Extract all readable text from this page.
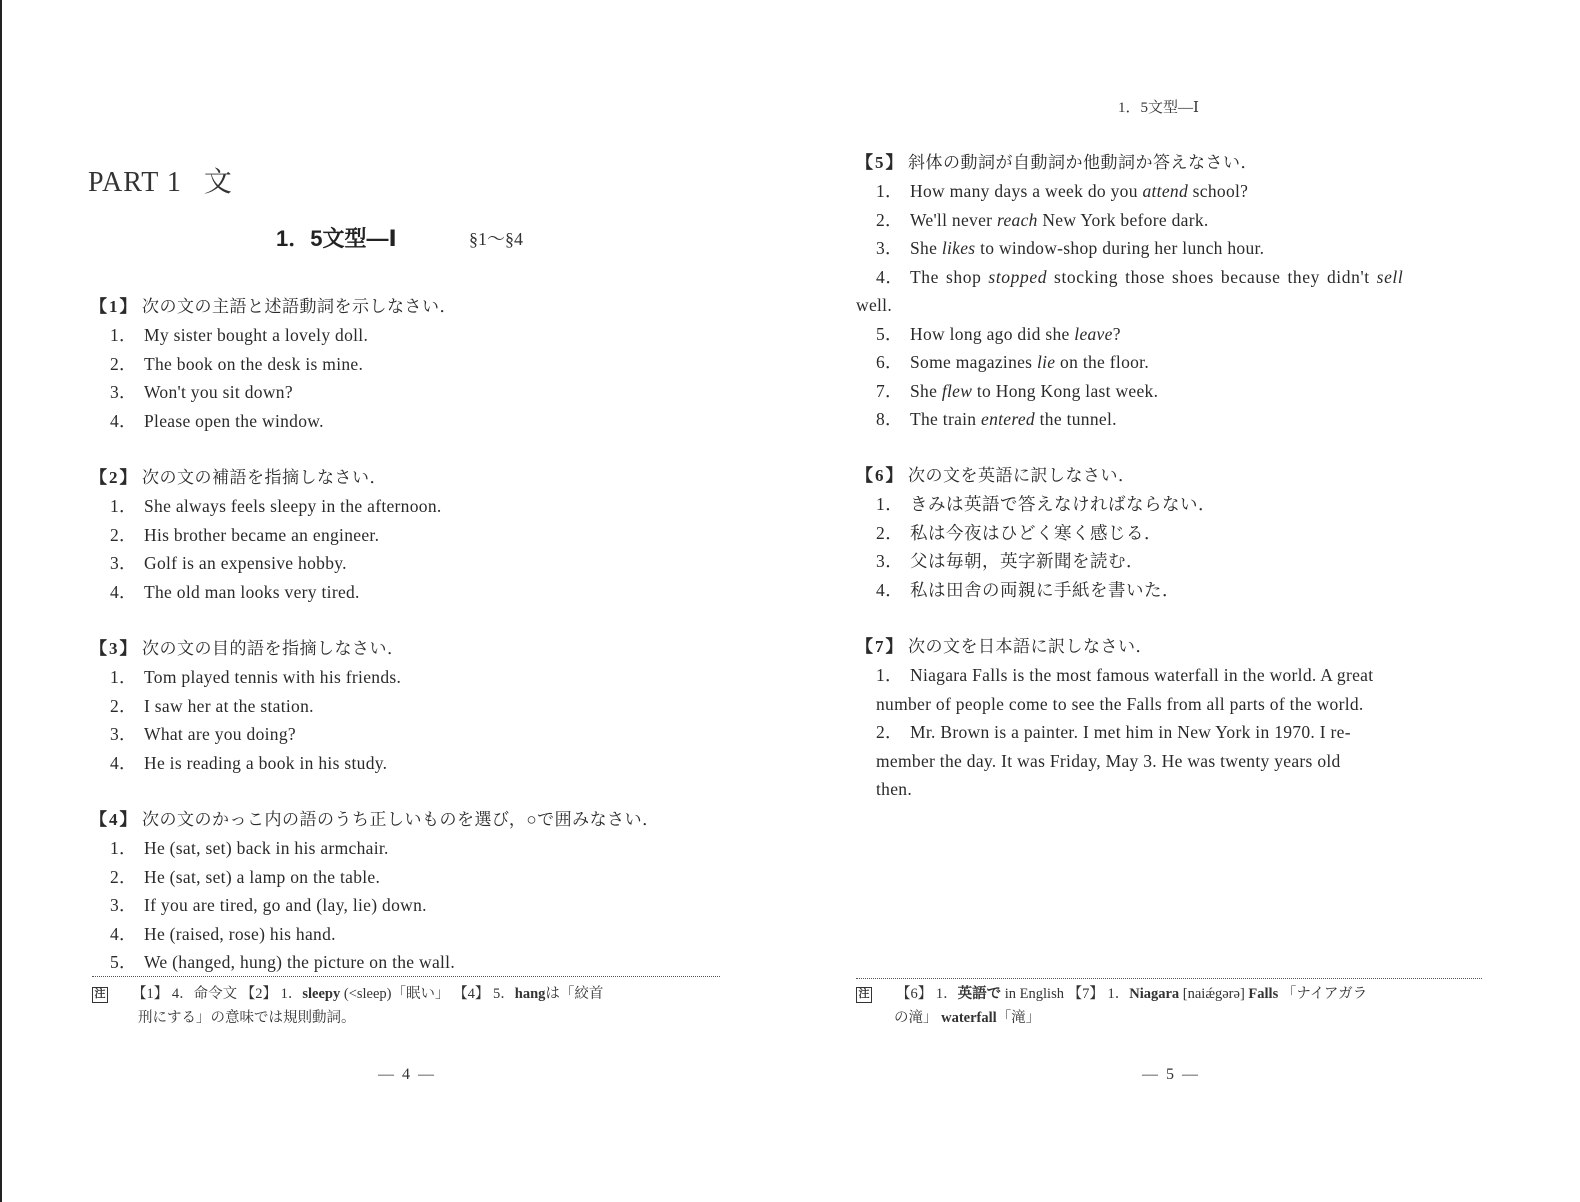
PART 1 文
1．5文型—Ⅰ	§1～§4
【1】 次の文の主語と述語動詞を示しなさい．
1． My sister bought a lovely doll.
2． The book on the desk is mine.
3． Won't you sit down?
4． Please open the window.
【2】 次の文の補語を指摘しなさい．
1． She always feels sleepy in the afternoon.
2． His brother became an engineer.
3． Golf is an expensive hobby.
4． The old man looks very tired.
【3】 次の文の目的語を指摘しなさい．
1． Tom played tennis with his friends.
2． I saw her at the station.
3． What are you doing?
4． He is reading a book in his study.
【4】 次の文のかっこ内の語のうち正しいものを選び，○で囲みなさい．
1． He (sat, set) back in his armchair.
2． He (sat, set) a lamp on the table.
3． If you are tired, go and (lay, lie) down.
4． He (raised, rose) his hand.
5． We (hanged, hung) the picture on the wall.
注 【1】 4．命令文 【2】 1．sleepy (<sleep)「眠い」 【4】 5．hangは「絞首
刑にする」の意味では規則動詞。
— 4 —
1．5文型—Ⅰ
【5】 斜体の動詞が自動詞か他動詞か答えなさい．
1． How many days a week do you attend school?
2． We'll never reach New York before dark.
3． She likes to window-shop during her lunch hour.
4． The shop stopped stocking those shoes because they didn't sell
well.
5． How long ago did she leave?
6． Some magazines lie on the floor.
7． She flew to Hong Kong last week.
8． The train entered the tunnel.
【6】 次の文を英語に訳しなさい．
1． きみは英語で答えなければならない．
2． 私は今夜はひどく寒く感じる．
3． 父は毎朝，英字新聞を読む．
4． 私は田舎の両親に手紙を書いた．
【7】 次の文を日本語に訳しなさい．
1． Niagara Falls is the most famous waterfall in the world. A great
number of people come to see the Falls from all parts of the world.
2． Mr. Brown is a painter. I met him in New York in 1970. I re-
member the day. It was Friday, May 3. He was twenty years old
then.
注 【6】 1．英語で in English 【7】 1．Niagara [naiǽgərə] Falls 「ナイアガラ
の滝」 waterfall「滝」
— 5 —
